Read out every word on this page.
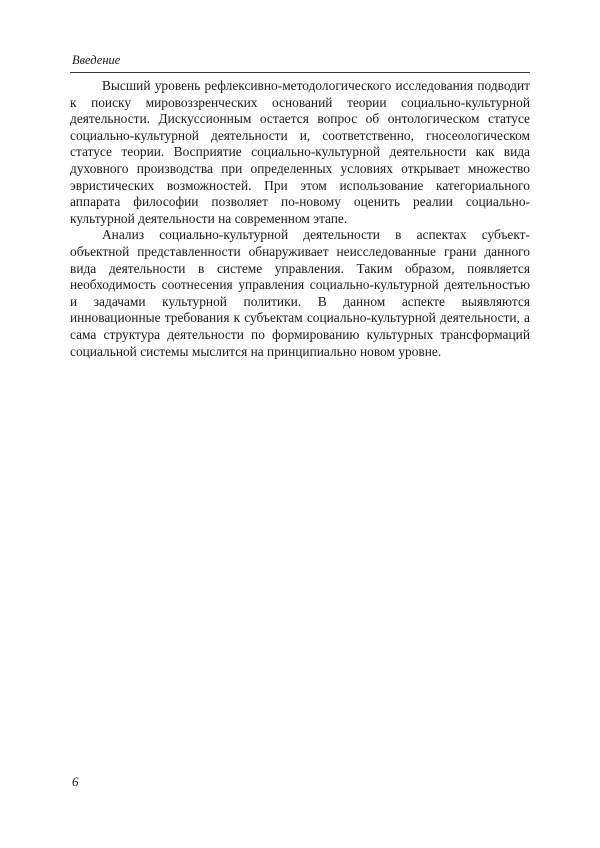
Введение

Высший уровень рефлексивно-методологического исследования подводит к поиску мировоззренческих оснований теории социально-культурной деятельности. Дискуссионным остается вопрос об онтологическом статусе социально-культурной деятельности и, соответственно, гносеологическом статусе теории. Восприятие социально-культурной деятельности как вида духовного производства при определенных условиях открывает множество эвристических возможностей. При этом использование категориального аппарата философии позволяет по-новому оценить реалии социально-культурной деятельности на современном этапе.

Анализ социально-культурной деятельности в аспектах субъект-объектной представленности обнаруживает неисследованные грани данного вида деятельности в системе управления. Таким образом, появляется необходимость соотнесения управления социально-культурной деятельностью и задачами культурной политики. В данном аспекте выявляются инновационные требования к субъектам социально-культурной деятельности, а сама структура деятельности по формированию культурных трансформаций социальной системы мыслится на принципиально новом уровне.

6
